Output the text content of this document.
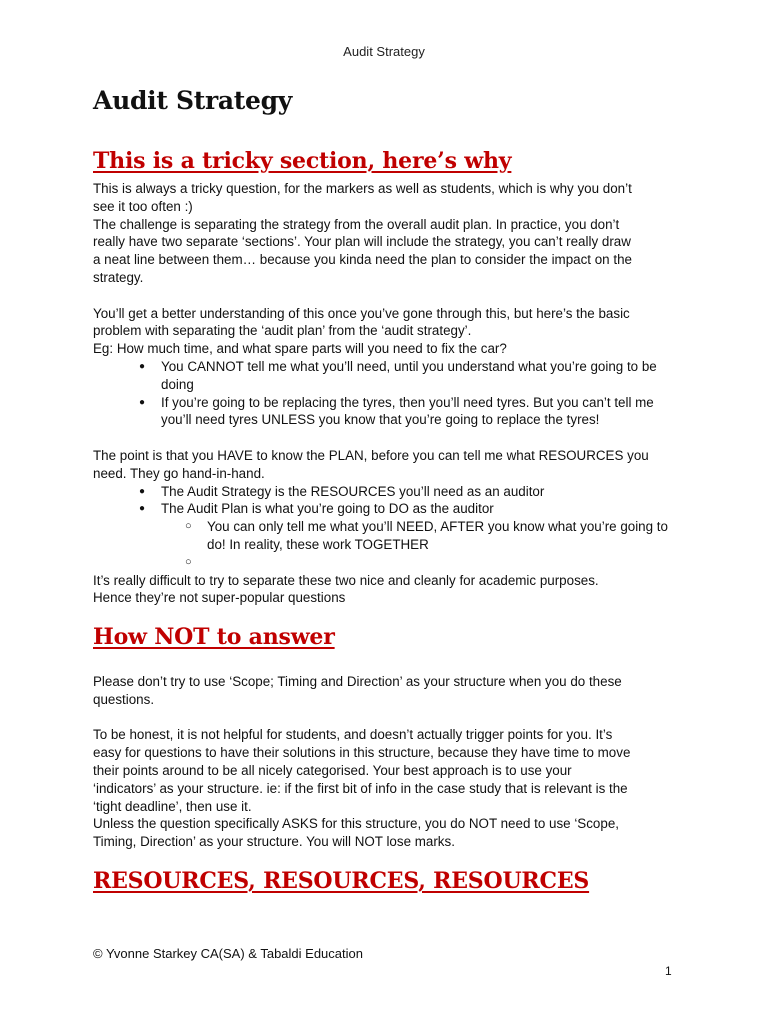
Audit Strategy
Audit Strategy
This is a tricky section, here’s why

This is always a tricky question, for the markers as well as students, which is why you don’t

see it too often :)

The challenge is separating the strategy from the overall audit plan. In practice, you don’t

really have two separate ‘sections’. Your plan will include the strategy, you can’t really draw

a neat line between them… because you kinda need the plan to consider the impact on the

strategy.

You’ll get a better understanding of this once you’ve gone through this, but here’s the basic

problem with separating the ‘audit plan’ from the ‘audit strategy’.

Eg: How much time, and what spare parts will you need to fix the car?

●	You CANNOT tell me what you’ll need, until you understand what you’re going to be
doing
●	If you’re going to be replacing the tyres, then you’ll need tyres. But you can’t tell me
you’ll need tyres UNLESS you know that you’re going to replace the tyres!

The point is that you HAVE to know the PLAN, before you can tell me what RESOURCES you

need. They go hand-in-hand.

●	The Audit Strategy is the RESOURCES you’ll need as an auditor
●	The Audit Plan is what you’re going to DO as the auditor
○	You can only tell me what you’ll NEED, AFTER you know what you’re going to
do! In reality, these work TOGETHER
○

It’s really difficult to try to separate these two nice and cleanly for academic purposes.

Hence they’re not super-popular questions

How NOT to answer

Please don’t try to use ‘Scope; Timing and Direction’ as your structure when you do these

questions.

To be honest, it is not helpful for students, and doesn’t actually trigger points for you. It’s

easy for questions to have their solutions in this structure, because they have time to move

their points around to be all nicely categorised. Your best approach is to use your

‘indicators’ as your structure. ie: if the first bit of info in the case study that is relevant is the

‘tight deadline’, then use it.

Unless the question specifically ASKS for this structure, you do NOT need to use ‘Scope,

Timing, Direction’ as your structure. You will NOT lose marks.

RESOURCES, RESOURCES, RESOURCES
© Yvonne Starkey CA(SA) & Tabaldi Education
1
